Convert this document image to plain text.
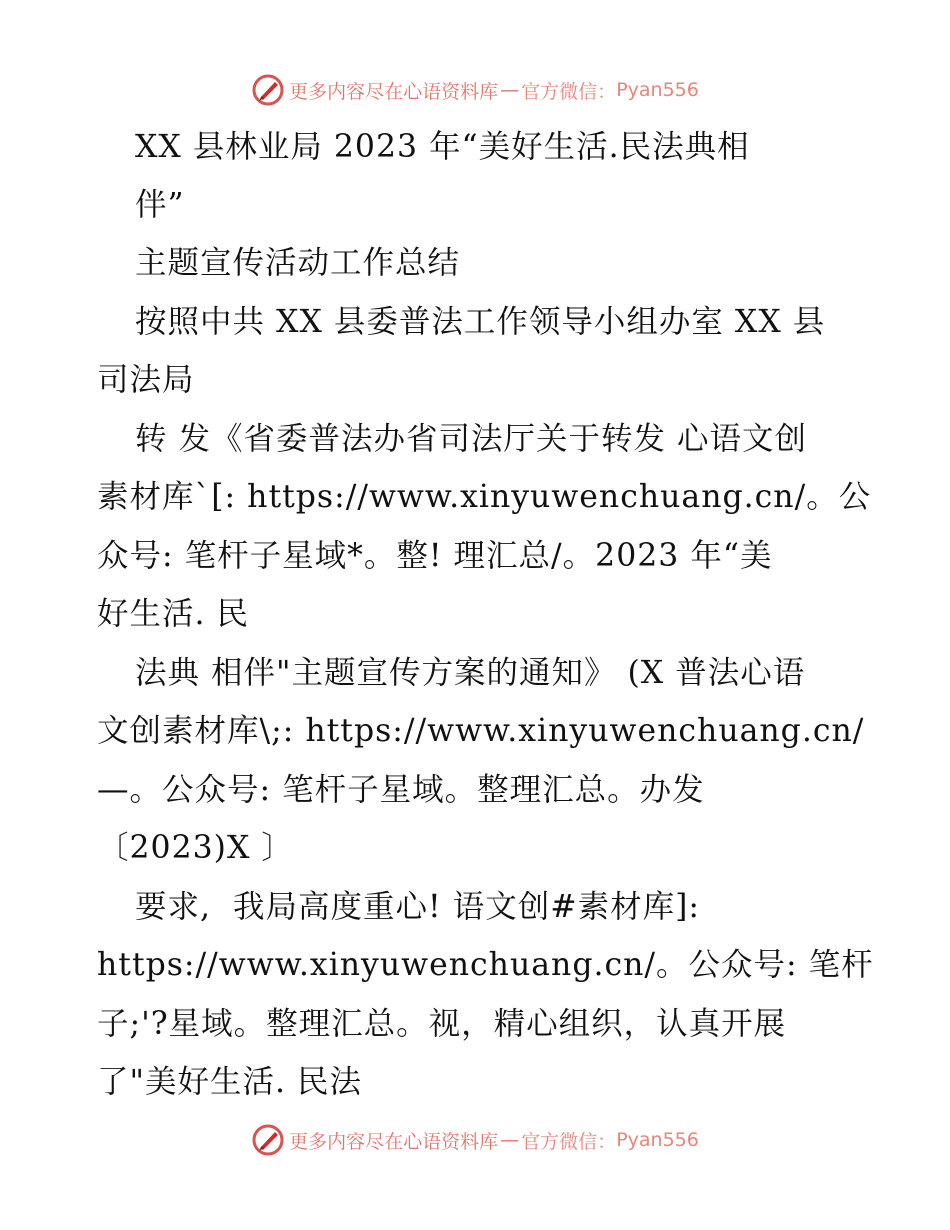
更多内容尽在心语资料库 — 官方微信： Pyan556
XX 县林业局 2023 年“美好生活.民法典相
伴”
主题宣传活动工作总结
按照中共 XX 县委普法工作领导小组办室 XX 县
司法局
转 发《省委普法办省司法厅关于转发 心语文创
素材库`[: https://www.xinyuwenchuang.cn/。公
众号: 笔杆子星域*。整! 理汇总/。2023 年“美
好生活. 民
法典 相伴"主题宣传方案的通知》 (X 普法心语
文创素材库\;: https://www.xinyuwenchuang.cn/
—。公众号: 笔杆子星域。整理汇总。办发
〔2023)X 〕
要求,  我局高度重心! 语文创#素材库]:
https://www.xinyuwenchuang.cn/。公众号: 笔杆
子;'?星域。整理汇总。视，精心组织，认真开展
了"美好生活. 民法
更多内容尽在心语资料库 — 官方微信： Pyan556
